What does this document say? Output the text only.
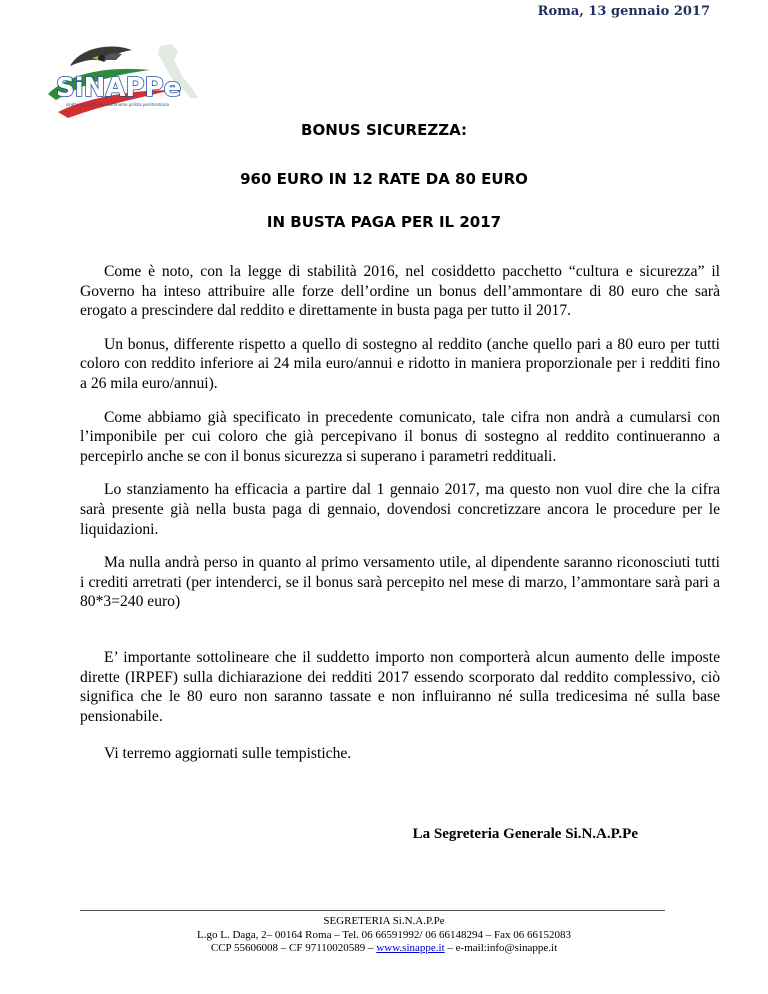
Roma, 13 gennaio 2017
SiNAPPe
sindacato nazionale autonomo polizia penitenziaria
BONUS SICUREZZA:
960 EURO IN 12 RATE DA 80 EURO
IN BUSTA PAGA PER IL 2017

Come è noto, con la legge di stabilità 2016, nel cosiddetto pacchetto “cultura e sicurezza” il Governo ha inteso attribuire alle forze dell’ordine un bonus dell’ammontare di 80 euro che sarà erogato a prescindere dal reddito e direttamente in busta paga per tutto il 2017.

Un bonus, differente rispetto a quello di sostegno al reddito (anche quello pari a 80 euro per tutti coloro con reddito inferiore ai 24 mila euro/annui e ridotto in maniera proporzionale per i redditi fino a 26 mila euro/annui).

Come abbiamo già specificato in precedente comunicato, tale cifra non andrà a cumularsi con l’imponibile per cui coloro che già percepivano il bonus di sostegno al reddito continueranno a percepirlo anche se con il bonus sicurezza si superano i parametri reddituali.

Lo stanziamento ha efficacia a partire dal 1 gennaio 2017, ma questo non vuol dire che la cifra sarà presente già nella busta paga di gennaio, dovendosi concretizzare ancora le procedure per le liquidazioni.

Ma nulla andrà perso in quanto al primo versamento utile, al dipendente saranno riconosciuti tutti i crediti arretrati (per intenderci, se il bonus sarà percepito nel mese di marzo, l’ammontare sarà pari a 80*3=240 euro)

E’ importante sottolineare che il suddetto importo non comporterà alcun aumento delle imposte dirette (IRPEF) sulla dichiarazione dei redditi 2017 essendo scorporato dal reddito complessivo, ciò significa che le 80 euro non saranno tassate e non influiranno né sulla tredicesima né sulla base pensionabile.

Vi terremo aggiornati sulle tempistiche.

La Segreteria Generale Si.N.A.P.Pe
SEGRETERIA Si.N.A.P.Pe
L.go L. Daga, 2– 00164 Roma – Tel. 06 66591992/ 06 66148294 – Fax 06 66152083
CCP 55606008 – CF 97110020589 – www.sinappe.it – e-mail:info@sinappe.it
